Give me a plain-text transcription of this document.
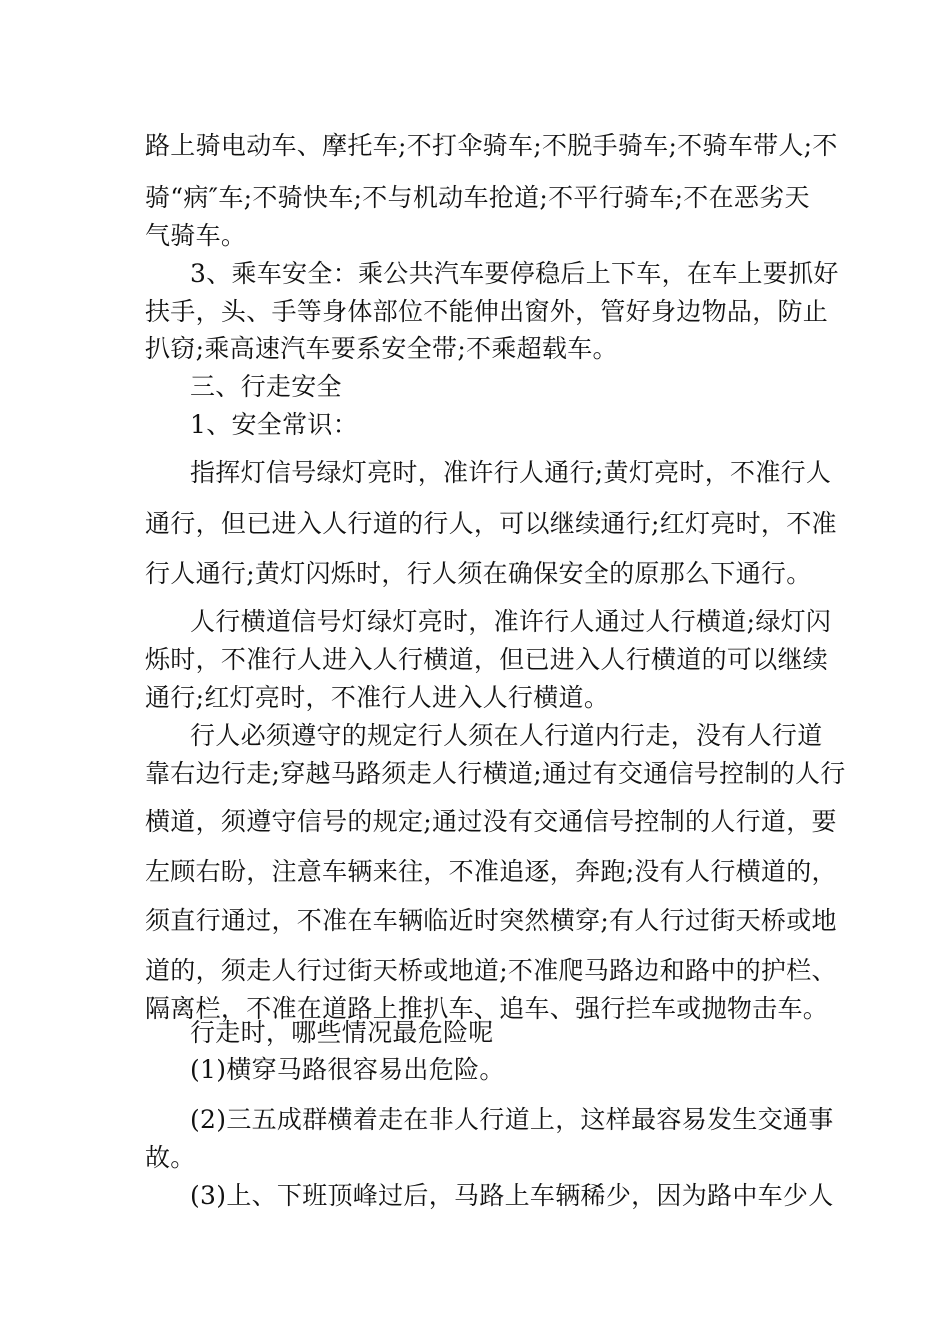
路上骑电动车、摩托车;不打伞骑车;不脱手骑车;不骑车带人;不
骑“病″车;不骑快车;不与机动车抢道;不平行骑车;不在恶劣天
气骑车。
3、乘车安全：乘公共汽车要停稳后上下车，在车上要抓好
扶手，头、手等身体部位不能伸出窗外，管好身边物品，防止
扒窃;乘高速汽车要系安全带;不乘超载车。
三、行走安全
1、安全常识：
指挥灯信号绿灯亮时，准许行人通行;黄灯亮时，不准行人
通行，但已进入人行道的行人，可以继续通行;红灯亮时，不准
行人通行;黄灯闪烁时，行人须在确保安全的原那么下通行。
人行横道信号灯绿灯亮时，准许行人通过人行横道;绿灯闪
烁时，不准行人进入人行横道，但已进入人行横道的可以继续
通行;红灯亮时，不准行人进入人行横道。
行人必须遵守的规定行人须在人行道内行走，没有人行道
靠右边行走;穿越马路须走人行横道;通过有交通信号控制的人行
横道，须遵守信号的规定;通过没有交通信号控制的人行道，要
左顾右盼，注意车辆来往，不准追逐，奔跑;没有人行横道的，
须直行通过，不准在车辆临近时突然横穿;有人行过街天桥或地
道的，须走人行过街天桥或地道;不准爬马路边和路中的护栏、
隔离栏，不准在道路上推扒车、追车、强行拦车或抛物击车。
行走时，哪些情况最危险呢
(1)横穿马路很容易出危险。
(2)三五成群横着走在非人行道上，这样最容易发生交通事
故。
(3)上、下班顶峰过后，马路上车辆稀少，因为路中车少人
